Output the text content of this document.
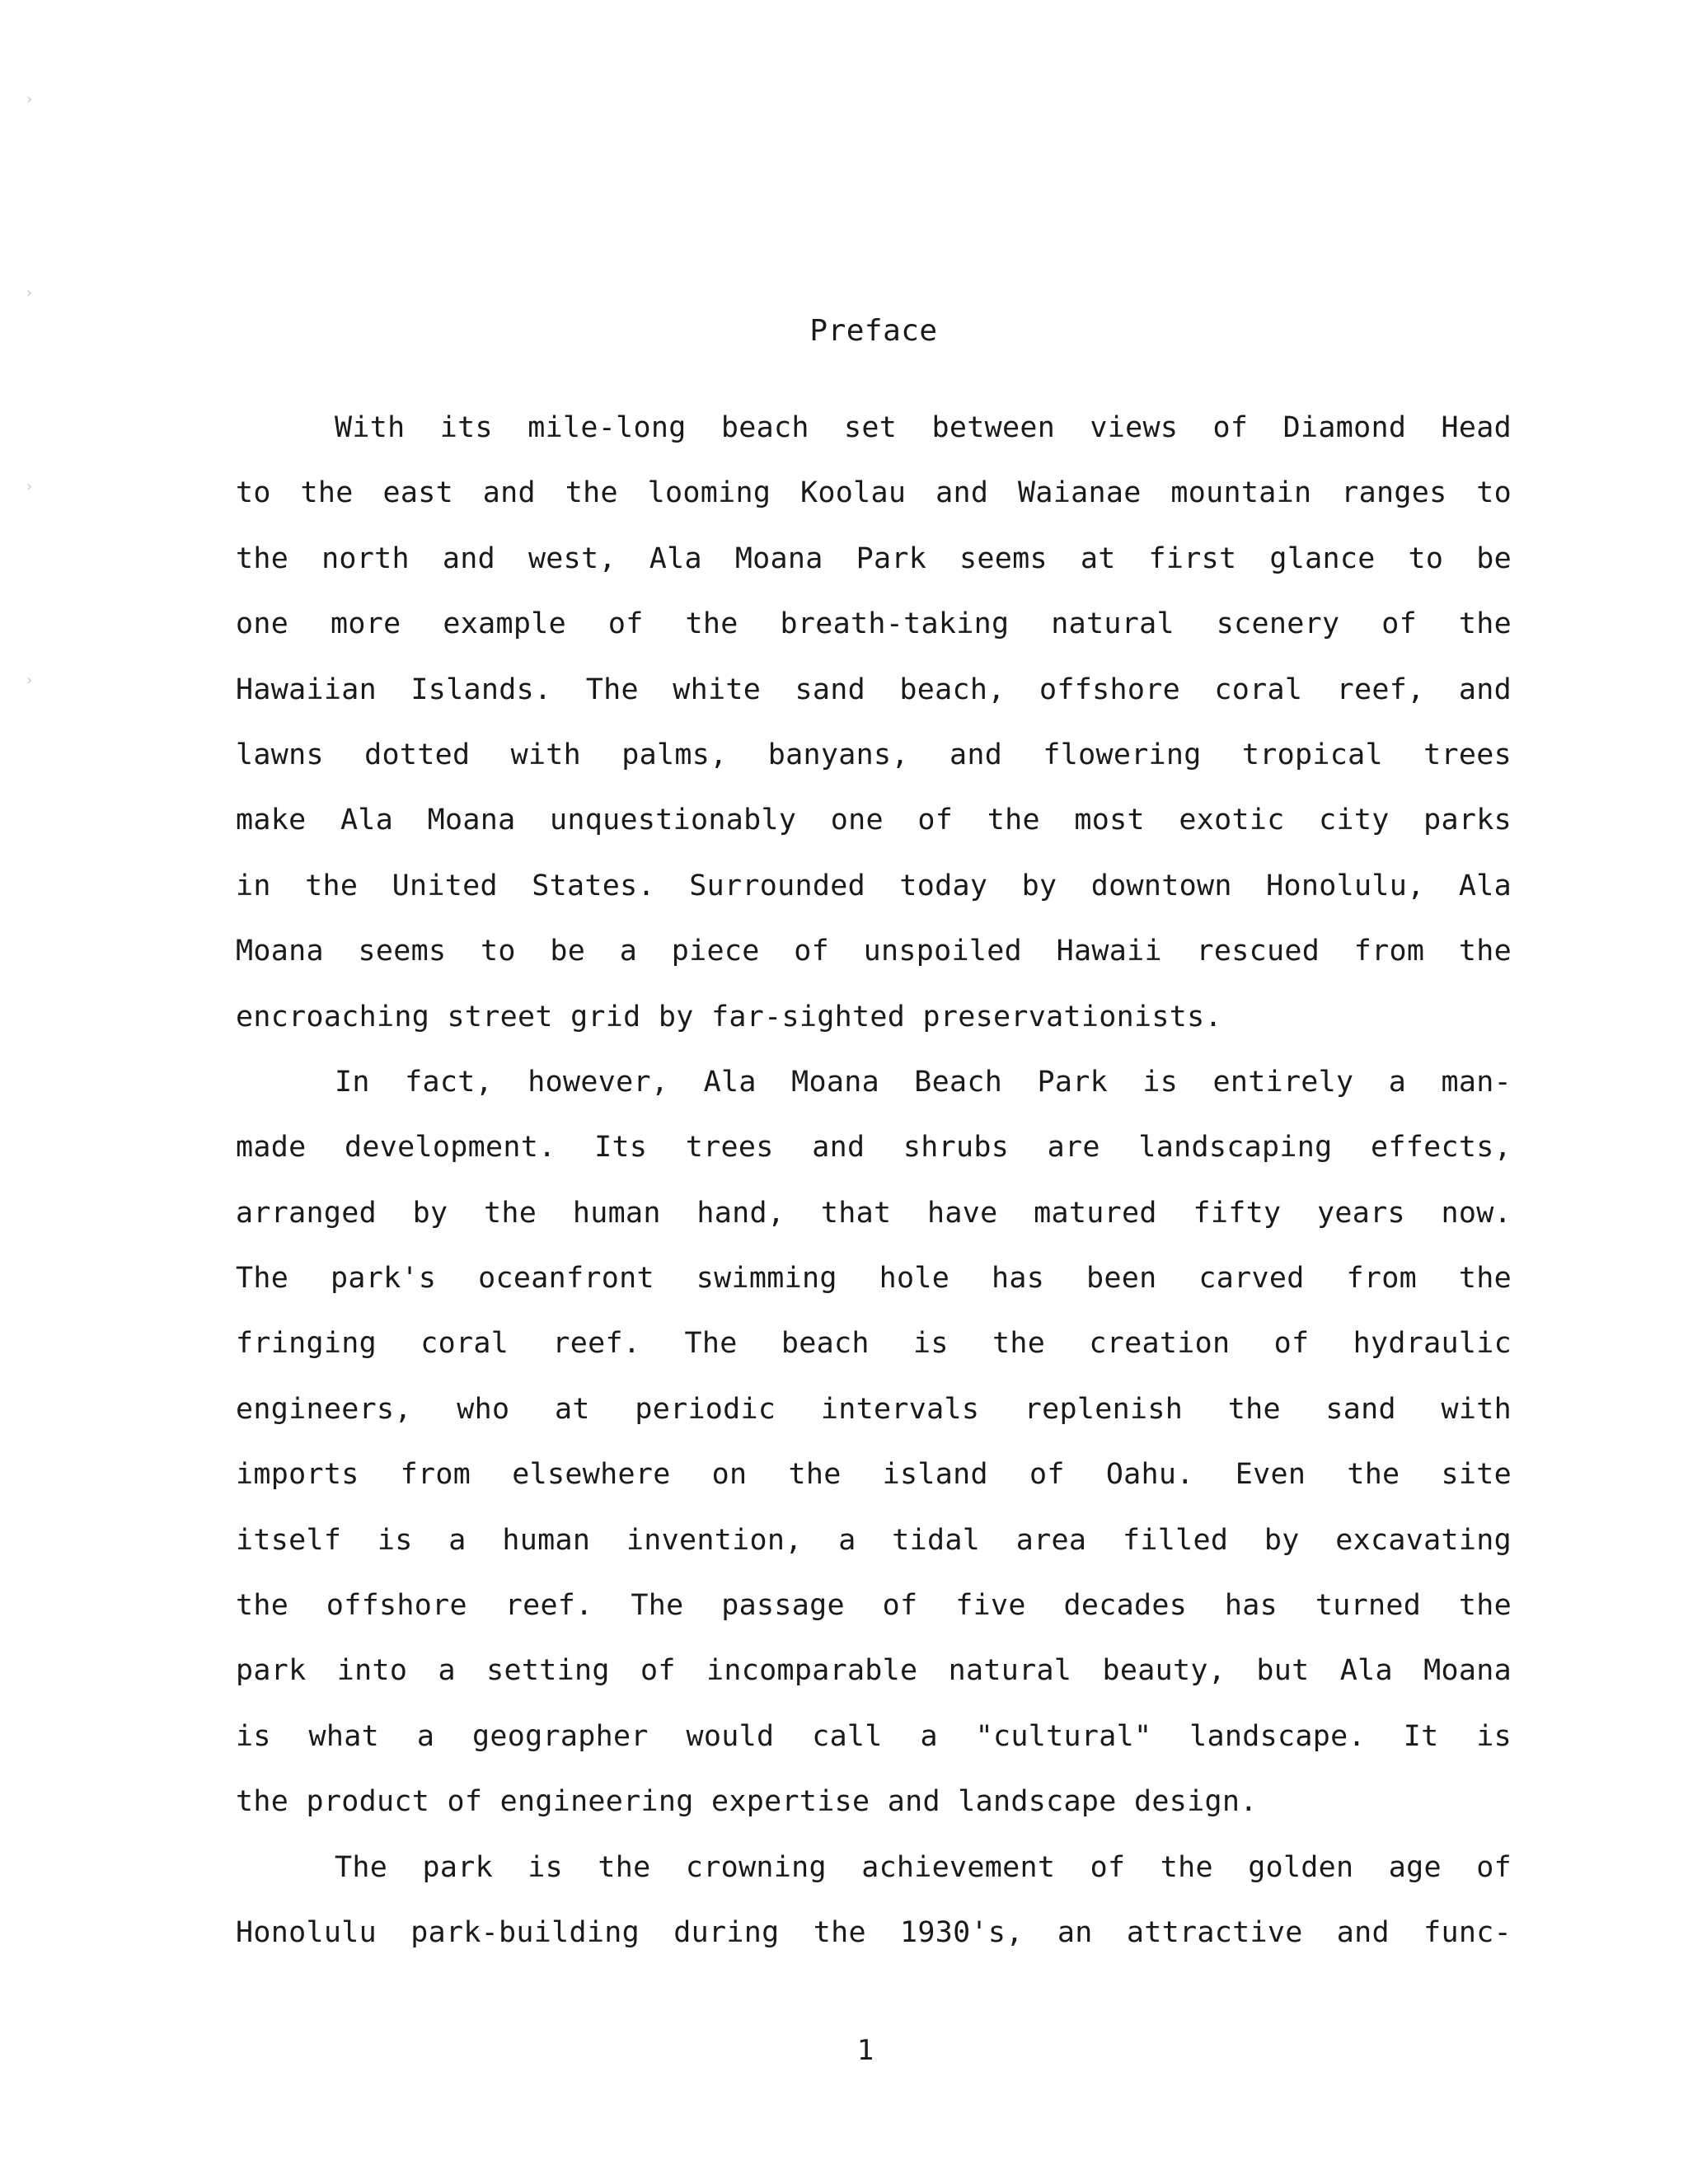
›
›
›
›
Preface
With its mile-long beach set between views of Diamond Head
to the east and the looming Koolau and Waianae mountain ranges to
the north and west, Ala Moana Park seems at first glance to be
one more example of the breath-taking natural scenery of the
Hawaiian Islands. The white sand beach, offshore coral reef, and
lawns dotted with palms, banyans, and flowering tropical trees
make Ala Moana unquestionably one of the most exotic city parks
in the United States. Surrounded today by downtown Honolulu, Ala
Moana seems to be a piece of unspoiled Hawaii rescued from the
encroaching street grid by far-sighted preservationists.
In fact, however, Ala Moana Beach Park is entirely a man-
made development. Its trees and shrubs are landscaping effects,
arranged by the human hand, that have matured fifty years now.
The park's oceanfront swimming hole has been carved from the
fringing coral reef. The beach is the creation of hydraulic
engineers, who at periodic intervals replenish the sand with
imports from elsewhere on the island of Oahu. Even the site
itself is a human invention, a tidal area filled by excavating
the offshore reef. The passage of five decades has turned the
park into a setting of incomparable natural beauty, but Ala Moana
is what a geographer would call a "cultural" landscape. It is
the product of engineering expertise and landscape design.
The park is the crowning achievement of the golden age of
Honolulu park-building during the 1930's, an attractive and func-
1
